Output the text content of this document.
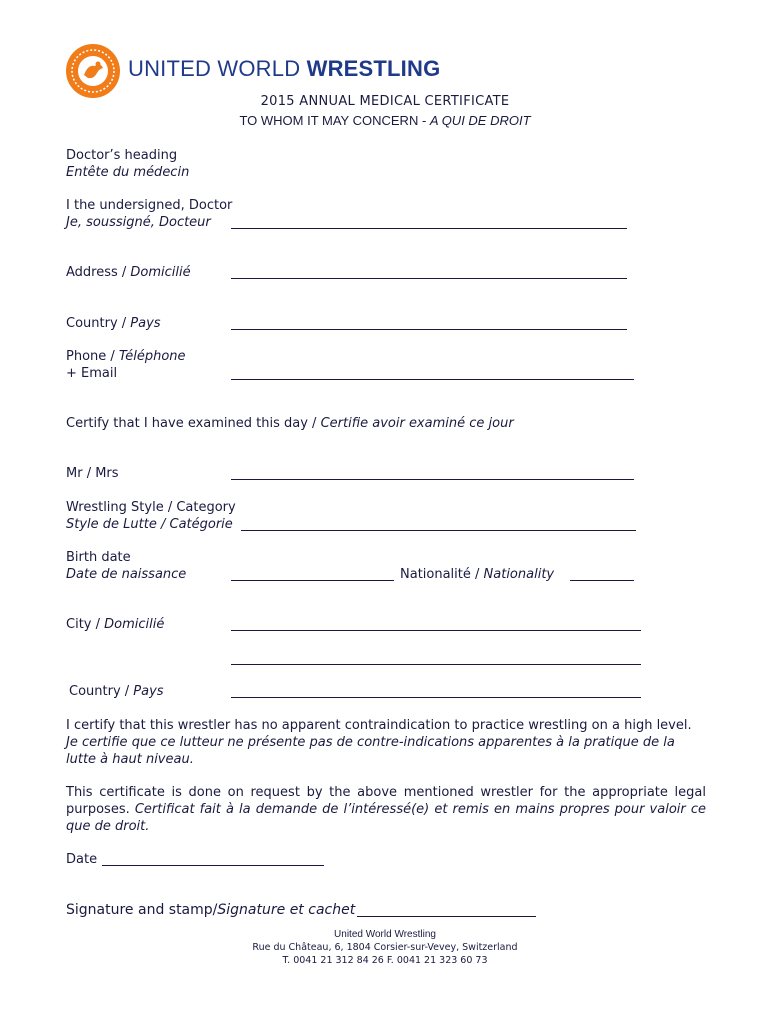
UNITED WORLD WRESTLING
2015 ANNUAL MEDICAL CERTIFICATE
TO WHOM IT MAY CONCERN - A QUI DE DROIT
Doctor’s heading
Entête du médecin
I the undersigned, Doctor
Je, soussigné, Docteur
Address / Domicilié
Country / Pays
Phone / Téléphone
+ Email
Certify that I have examined this day / Certifie avoir examiné ce jour
Mr / Mrs
Wrestling Style / Category
Style de Lutte / Catégorie
Birth date
Date de naissance	Nationalité / Nationality
City / Domicilié
Country / Pays
I certify that this wrestler has no apparent contraindication to practice wrestling on a high level.
Je certifie que ce lutteur ne présente pas de contre-indications apparentes à la pratique de la lutte à haut niveau.
This certificate is done on request by the above mentioned wrestler for the appropriate legal purposes. Certificat fait à la demande de l’intéressé(e) et remis en mains propres pour valoir ce que de droit.
Date
Signature and stamp/Signature et cachet
United World Wrestling
Rue du Château, 6, 1804 Corsier-sur-Vevey, Switzerland
T. 0041 21 312 84 26 F. 0041 21 323 60 73
